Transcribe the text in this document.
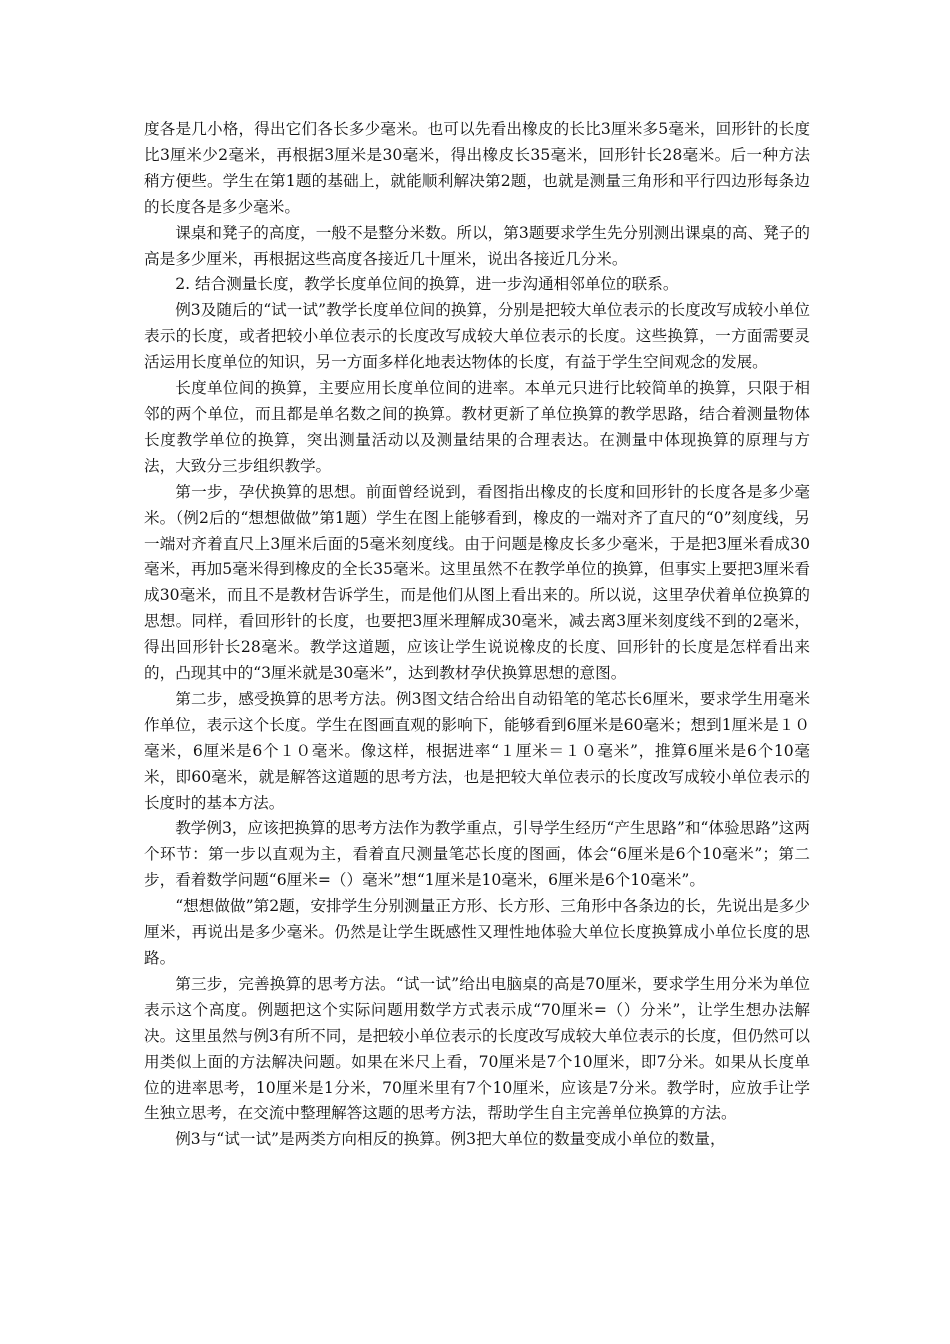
度各是几小格，得出它们各长多少毫米。也可以先看出橡皮的长比3厘米多5毫米，回形针的长度比3厘米少2毫米，再根据3厘米是30毫米，得出橡皮长35毫米，回形针长28毫米。后一种方法稍方便些。学生在第1题的基础上，就能顺利解决第2题，也就是测量三角形和平行四边形每条边的长度各是多少毫米。

课桌和凳子的高度，一般不是整分米数。所以，第3题要求学生先分别测出课桌的高、凳子的高是多少厘米，再根据这些高度各接近几十厘米，说出各接近几分米。

2. 结合测量长度，教学长度单位间的换算，进一步沟通相邻单位的联系。

例3及随后的“试一试”教学长度单位间的换算，分别是把较大单位表示的长度改写成较小单位表示的长度，或者把较小单位表示的长度改写成较大单位表示的长度。这些换算，一方面需要灵活运用长度单位的知识，另一方面多样化地表达物体的长度，有益于学生空间观念的发展。

长度单位间的换算，主要应用长度单位间的进率。本单元只进行比较简单的换算，只限于相邻的两个单位，而且都是单名数之间的换算。教材更新了单位换算的教学思路，结合着测量物体长度教学单位的换算，突出测量活动以及测量结果的合理表达。在测量中体现换算的原理与方法，大致分三步组织教学。

第一步，孕伏换算的思想。前面曾经说到，看图指出橡皮的长度和回形针的长度各是多少毫米。（例2后的“想想做做”第1题）学生在图上能够看到，橡皮的一端对齐了直尺的“0”刻度线，另一端对齐着直尺上3厘米后面的5毫米刻度线。由于问题是橡皮长多少毫米，于是把3厘米看成30毫米，再加5毫米得到橡皮的全长35毫米。这里虽然不在教学单位的换算，但事实上要把3厘米看成30毫米，而且不是教材告诉学生，而是他们从图上看出来的。所以说，这里孕伏着单位换算的思想。同样，看回形针的长度，也要把3厘米理解成30毫米，减去离3厘米刻度线不到的2毫米，得出回形针长28毫米。教学这道题，应该让学生说说橡皮的长度、回形针的长度是怎样看出来的，凸现其中的“3厘米就是30毫米”，达到教材孕伏换算思想的意图。

第二步，感受换算的思考方法。例3图文结合给出自动铅笔的笔芯长6厘米，要求学生用毫米作单位，表示这个长度。学生在图画直观的影响下，能够看到6厘米是60毫米；想到1厘米是１０毫米，6厘米是6个１０毫米。像这样，根据进率“１厘米＝１０毫米”，推算6厘米是6个10毫米，即60毫米，就是解答这道题的思考方法，也是把较大单位表示的长度改写成较小单位表示的长度时的基本方法。

教学例3，应该把换算的思考方法作为教学重点，引导学生经历“产生思路”和“体验思路”这两个环节：第一步以直观为主，看着直尺测量笔芯长度的图画，体会“6厘米是6个10毫米”；第二步，看着数学问题“6厘米=（）毫米”想“1厘米是10毫米，6厘米是6个10毫米”。

“想想做做”第2题，安排学生分别测量正方形、长方形、三角形中各条边的长，先说出是多少厘米，再说出是多少毫米。仍然是让学生既感性又理性地体验大单位长度换算成小单位长度的思路。

第三步，完善换算的思考方法。“试一试”给出电脑桌的高是70厘米，要求学生用分米为单位表示这个高度。例题把这个实际问题用数学方式表示成“70厘米=（）分米”，让学生想办法解决。这里虽然与例3有所不同，是把较小单位表示的长度改写成较大单位表示的长度，但仍然可以用类似上面的方法解决问题。如果在米尺上看，70厘米是7个10厘米，即7分米。如果从长度单位的进率思考，10厘米是1分米，70厘米里有7个10厘米，应该是7分米。教学时，应放手让学生独立思考，在交流中整理解答这题的思考方法，帮助学生自主完善单位换算的方法。

例3与“试一试”是两类方向相反的换算。例3把大单位的数量变成小单位的数量，
